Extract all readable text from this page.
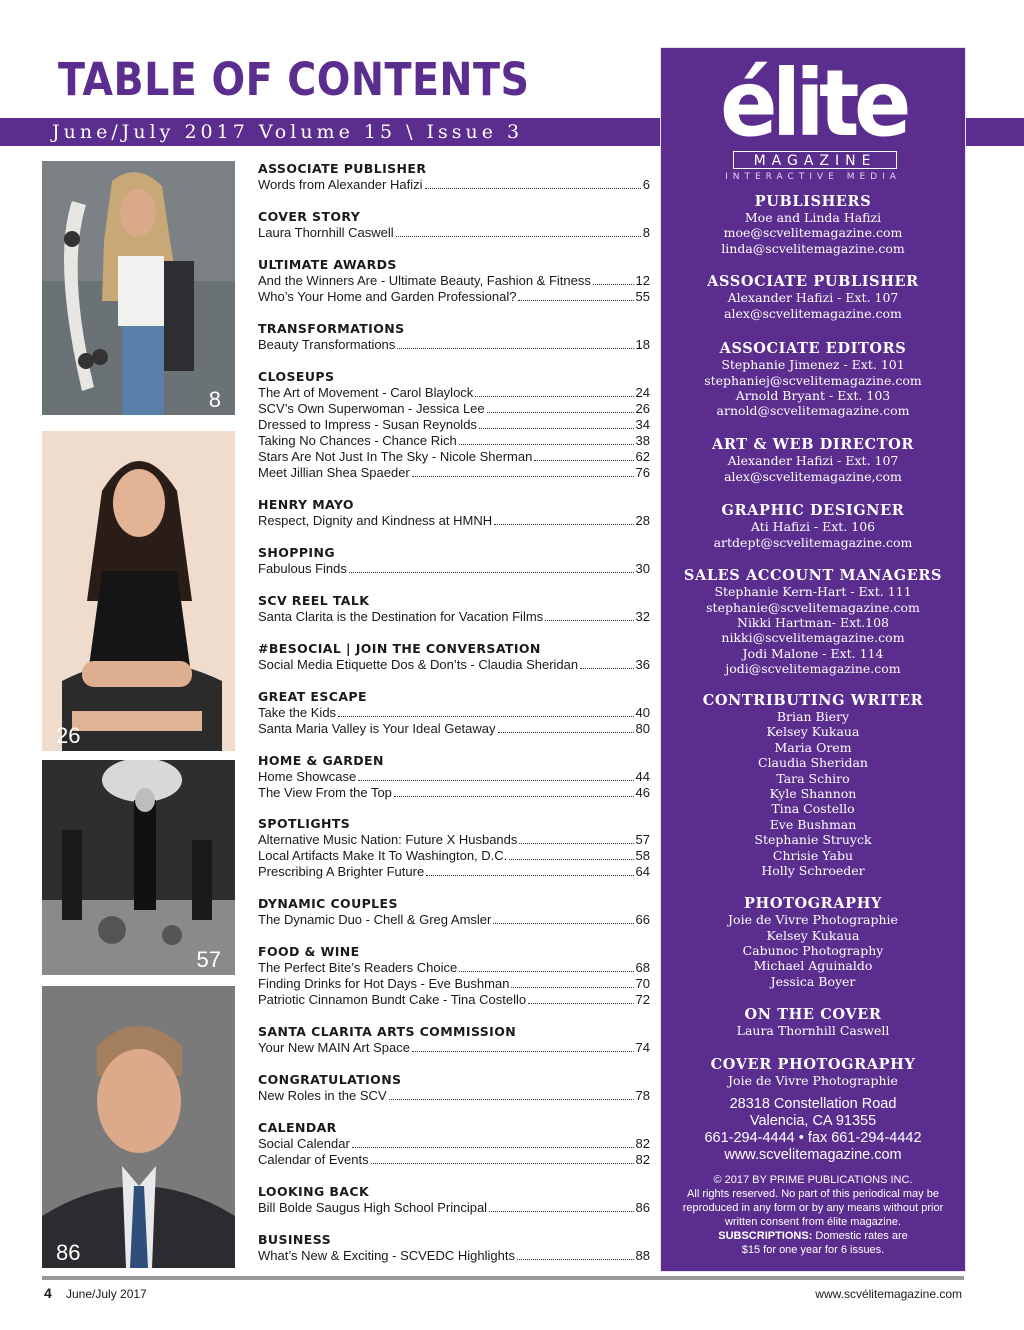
TABLE OF CONTENTS
June/July 2017 Volume 15 \ Issue 3
8
26
57
86
ASSOCIATE PUBLISHER
Words from Alexander Hafizi	6
COVER STORY
Laura Thornhill Caswell	8
ULTIMATE AWARDS
And the Winners Are - Ultimate Beauty, Fashion & Fitness	12
Who’s Your Home and Garden Professional?	55
TRANSFORMATIONS
Beauty Transformations	18
CLOSEUPS
The Art of Movement - Carol Blaylock	24
SCV’s Own Superwoman - Jessica Lee	26
Dressed to Impress - Susan Reynolds	34
Taking No Chances - Chance Rich	38
Stars Are Not Just In The Sky - Nicole Sherman	62
Meet Jillian Shea Spaeder	76
HENRY MAYO
Respect, Dignity and Kindness at HMNH	28
SHOPPING
Fabulous Finds	30
SCV REEL TALK
Santa Clarita is the Destination for Vacation Films	32
#BESOCIAL | JOIN THE CONVERSATION
Social Media Etiquette Dos & Don’ts - Claudia Sheridan	36
GREAT ESCAPE
Take the Kids	40
Santa Maria Valley is Your Ideal Getaway	80
HOME & GARDEN
Home Showcase	44
The View From the Top	46
SPOTLIGHTS
Alternative Music Nation: Future X Husbands	57
Local Artifacts Make It To Washington, D.C.	58
Prescribing A Brighter Future	64
DYNAMIC COUPLES
The Dynamic Duo - Chell & Greg Amsler	66
FOOD & WINE
The Perfect Bite’s Readers Choice	68
Finding Drinks for Hot Days - Eve Bushman	70
Patriotic Cinnamon Bundt Cake - Tina Costello	72
SANTA CLARITA ARTS COMMISSION
Your New MAIN Art Space	74
CONGRATULATIONS
New Roles in the SCV	78
CALENDAR
Social Calendar	82
Calendar of Events	82
LOOKING BACK
Bill Bolde Saugus High School Principal	86
BUSINESS
What’s New & Exciting - SCVEDC Highlights	88
élite
MAGAZINE
INTERACTIVE MEDIA
PUBLISHERS
Moe and Linda Hafizi
moe@scvelitemagazine.com
linda@scvelitemagazine.com
ASSOCIATE PUBLISHER
Alexander Hafizi - Ext. 107
alex@scvelitemagazine.com
ASSOCIATE EDITORS
Stephanie Jimenez - Ext. 101
stephaniej@scvelitemagazine.com
Arnold Bryant - Ext. 103
arnold@scvelitemagazine.com
ART & WEB DIRECTOR
Alexander Hafizi - Ext. 107
alex@scvelitemagazine,com
GRAPHIC DESIGNER
Ati Hafizi - Ext. 106
artdept@scvelitemagazine.com
SALES ACCOUNT MANAGERS
Stephanie Kern-Hart - Ext. 111
stephanie@scvelitemagazine.com
Nikki Hartman- Ext.108
nikki@scvelitemagazine.com
Jodi Malone - Ext. 114
jodi@scvelitemagazine.com
CONTRIBUTING WRITER
Brian Biery
Kelsey Kukaua
Maria Orem
Claudia Sheridan
Tara Schiro
Kyle Shannon
Tina Costello
Eve Bushman
Stephanie Struyck
Chrisie Yabu
Holly Schroeder
PHOTOGRAPHY
Joie de Vivre Photographie
Kelsey Kukaua
Cabunoc Photography
Michael Aguinaldo
Jessica Boyer
ON THE COVER
Laura Thornhill Caswell
COVER PHOTOGRAPHY
Joie de Vivre Photographie
28318 Constellation Road
Valencia, CA 91355
661-294-4444 • fax 661-294-4442
www.scvelitemagazine.com
© 2017 BY PRIME PUBLICATIONS INC.
All rights reserved. No part of this periodical may be
reproduced in any form or by any means without prior
written consent from élite magazine.
SUBSCRIPTIONS: Domestic rates are
$15 for one year for 6 issues.
4 June/July 2017	www.scvélitemagazine.com
